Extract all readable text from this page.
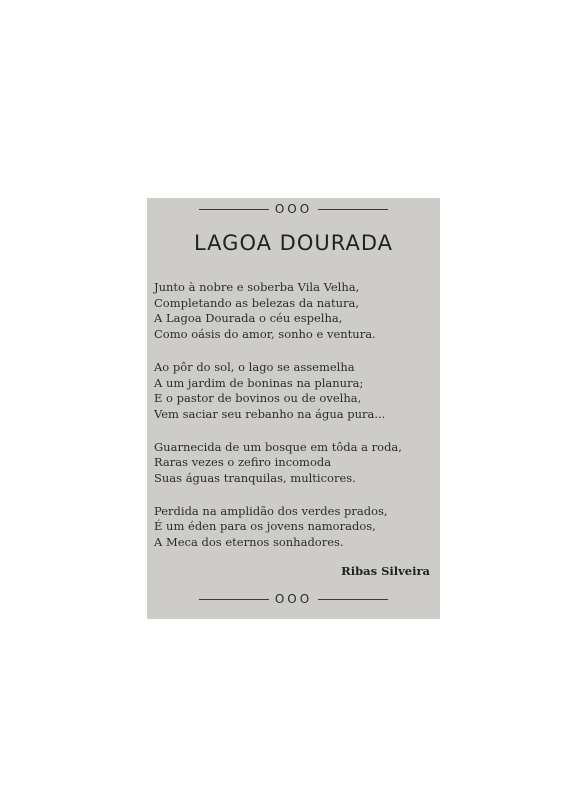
OOO
LAGOA DOURADA
Junto à nobre e soberba Vila Velha,
Completando as belezas da natura,
A Lagoa Dourada o céu espelha,
Como oásis do amor, sonho e ventura.
Ao pôr do sol, o lago se assemelha
A um jardim de boninas na planura;
E o pastor de bovinos ou de ovelha,
Vem saciar seu rebanho na água pura...
Guarnecida de um bosque em tôda a roda,
Raras vezes o zefiro incomoda
Suas águas tranquilas, multicores.
Perdida na amplidão dos verdes prados,
É um éden para os jovens namorados,
A Meca dos eternos sonhadores.
Ribas Silveira
OOO
